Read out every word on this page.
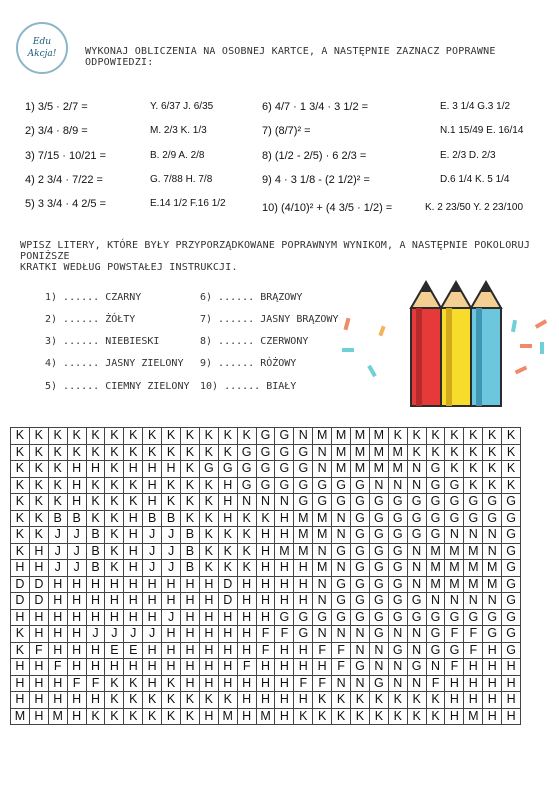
Edu
Akcja!	WYKONAJ OBLICZENIA NA OSOBNEJ KARTCE, A NASTĘPNIE ZAZNACZ POPRAWNE ODPOWIEDZI:
1) 3/5 · 2/7 =	Y. 6/37 J. 6/35
2) 3/4 · 8/9 =	M. 2/3 K. 1/3
3) 7/15 · 10/21 =	B. 2/9 A. 2/8
4) 2 3/4 · 7/22 =	G. 7/88 H. 7/8
5) 3 3/4 · 4 2/5 =	E.14 1/2 F.16 1/2
6) 4/7 · 1 3/4 · 3 1/2 =	E. 3 1/4 G.3 1/2
7) (8/7)² =	N.1 15/49 E. 16/14
8) (1/2 - 2/5) · 6 2/3 =	E. 2/3 D. 2/3
9) 4 · 3 1/8 - (2 1/2)² =	D.6 1/4 K. 5 1/4
10) (4/10)² + (4 3/5 · 1/2) =	K. 2 23/50 Y. 2 23/100
WPISZ LITERY, KTÓRE BYŁY PRZYPORZĄDKOWANE POPRAWNYM WYNIKOM, A NASTĘPNIE POKOLORUJ PONIŻSZE
KRATKI WEDŁUG POWSTAŁEJ INSTRUKCJI.
1) ...... CZARNY
2) ...... ŻÓŁTY
3) ...... NIEBIESKI
4) ...... JASNY ZIELONY
5) ...... CIEMNY ZIELONY
6) ...... BRĄZOWY
7) ...... JASNY BRĄZOWY
8) ...... CZERWONY
9) ...... RÓŻOWY
10) ...... BIAŁY
K	K	K	K	K	K	K	K	K	K	K	K	K	G	G	N	M	M	M	M	K	K	K	K	K	K	K
K	K	K	K	K	K	K	K	K	K	K	K	G	G	G	G	N	M	M	M	M	K	K	K	K	K	K
K	K	K	H	H	K	H	H	H	K	G	G	G	G	G	G	N	M	M	M	M	N	G	K	K	K	K
K	K	K	H	K	K	K	H	K	K	K	H	G	G	G	G	G	G	G	N	N	N	G	G	K	K	K
K	K	K	H	K	K	K	H	K	K	K	H	N	N	N	G	G	G	G	G	G	G	G	G	G	G	G
K	K	B	B	K	K	H	B	B	K	K	H	K	K	H	M	M	N	G	G	G	G	G	G	G	G	G
K	K	J	J	B	K	H	J	J	B	K	K	K	H	H	M	M	N	G	G	G	G	G	N	N	N	G
K	H	J	J	B	K	H	J	J	B	K	K	K	H	M	M	N	G	G	G	G	N	M	M	M	N	G
H	H	J	J	B	K	H	J	J	B	K	K	K	H	H	H	M	N	G	G	G	N	M	M	M	M	G
D	D	H	H	H	H	H	H	H	H	H	D	H	H	H	H	N	G	G	G	G	N	M	M	M	M	G
D	D	H	H	H	H	H	H	H	H	H	D	H	H	H	H	N	G	G	G	G	G	N	N	N	N	G
H	H	H	H	H	H	H	H	J	H	H	H	H	H	G	G	G	G	G	G	G	G	G	G	G	G	G
K	H	H	H	J	J	J	J	H	H	H	H	H	F	F	G	N	N	N	G	N	N	G	F	F	G	G
K	F	H	H	H	E	E	H	H	H	H	H	H	F	H	H	F	F	N	N	G	N	G	G	F	H	G
H	H	F	H	H	H	H	H	H	H	H	H	F	H	H	H	H	F	G	N	N	G	N	F	H	H	H
H	H	H	F	F	K	K	H	K	H	H	H	H	H	H	F	F	N	N	G	N	N	F	H	H	H	H
H	H	H	H	H	K	K	K	K	K	K	K	H	H	H	H	K	K	K	K	K	K	K	H	H	H	H
M	H	M	H	K	K	K	K	K	K	H	M	H	M	H	K	K	K	K	K	K	K	K	H	M	H	H
